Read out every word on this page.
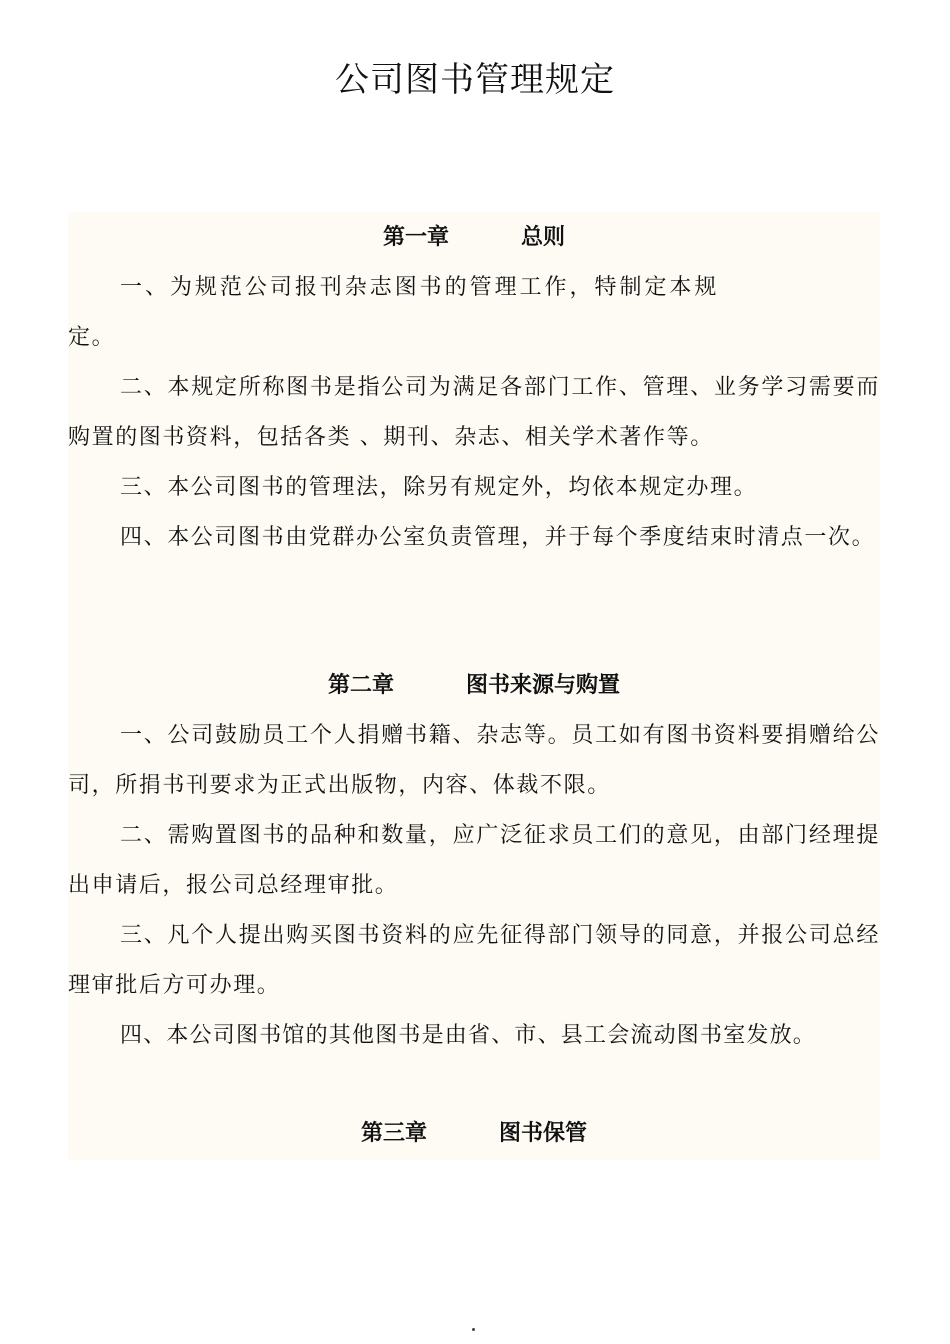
公司图书管理规定
第一章	总则

一、为规范公司报刊杂志图书的管理工作，特制定本规定。

二、本规定所称图书是指公司为满足各部门工作、管理、业务学习需要而购置的图书资料，包括各类 、期刊、杂志、相关学术著作等。

三、本公司图书的管理法，除另有规定外，均依本规定办理。

四、本公司图书由党群办公室负责管理，并于每个季度结束时清点一次。

第二章	图书来源与购置

一、公司鼓励员工个人捐赠书籍、杂志等。员工如有图书资料要捐赠给公司，所捐书刊要求为正式出版物，内容、体裁不限。

二、需购置图书的品种和数量，应广泛征求员工们的意见，由部门经理提出申请后，报公司总经理审批。

三、凡个人提出购买图书资料的应先征得部门领导的同意，并报公司总经理审批后方可办理。

四、本公司图书馆的其他图书是由省、市、县工会流动图书室发放。

第三章	图书保管
